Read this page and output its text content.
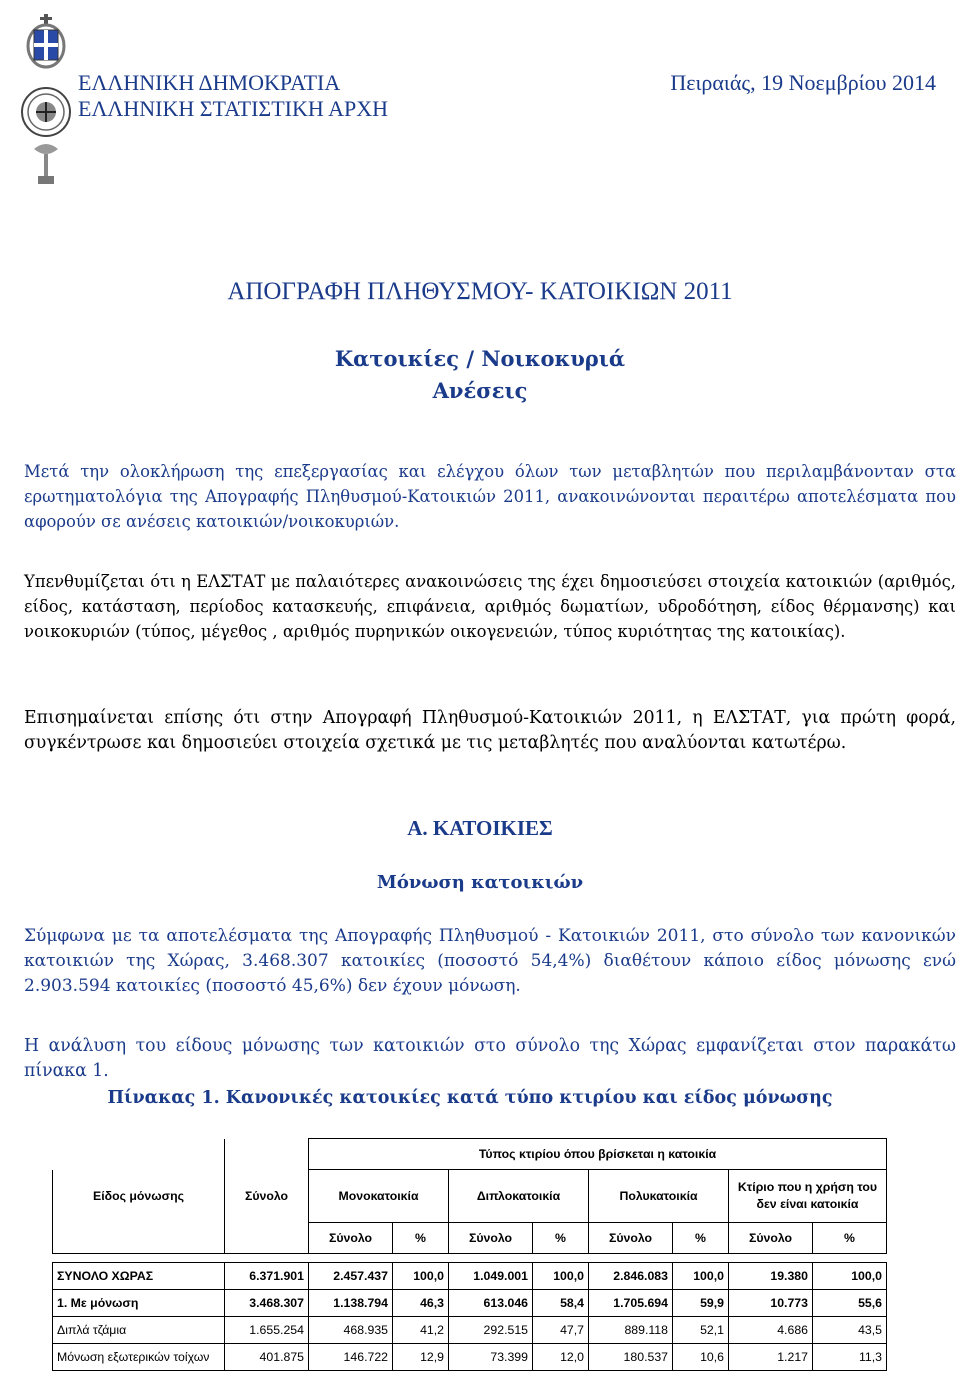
ΕΛΛΗΝΙΚΗ ΔΗΜΟΚΡΑΤΙΑ
ΕΛΛΗΝΙΚΗ ΣΤΑΤΙΣΤΙΚΗ ΑΡΧΗ
Πειραιάς, 19 Νοεμβρίου 2014
ΑΠΟΓΡΑΦΗ ΠΛΗΘΥΣΜΟΥ- ΚΑΤΟΙΚΙΩΝ 2011
Κατοικίες / Νοικοκυριά
Ανέσεις
Μετά την ολοκλήρωση της επεξεργασίας και ελέγχου όλων των μεταβλητών που περιλαμβάνονταν στα ερωτηματολόγια της Απογραφής Πληθυσμού-Κατοικιών 2011, ανακοινώνονται περαιτέρω αποτελέσματα που αφορούν σε ανέσεις κατοικιών/νοικοκυριών.
Υπενθυμίζεται ότι η ΕΛΣΤΑΤ με παλαιότερες ανακοινώσεις της έχει δημοσιεύσει στοιχεία κατοικιών (αριθμός, είδος, κατάσταση, περίοδος κατασκευής, επιφάνεια, αριθμός δωματίων, υδροδότηση, είδος θέρμανσης) και νοικοκυριών (τύπος, μέγεθος , αριθμός πυρηνικών οικογενειών, τύπος κυριότητας της κατοικίας).
Επισημαίνεται επίσης ότι στην Απογραφή Πληθυσμού-Κατοικιών 2011, η ΕΛΣΤΑΤ, για πρώτη φορά, συγκέντρωσε και δημοσιεύει στοιχεία σχετικά με τις μεταβλητές που αναλύονται κατωτέρω.
Α. ΚΑΤΟΙΚΙΕΣ
Μόνωση κατοικιών
Σύμφωνα με τα αποτελέσματα της Απογραφής Πληθυσμού - Κατοικιών 2011, στο σύνολο των κανονικών κατοικιών της Χώρας, 3.468.307 κατοικίες (ποσοστό 54,4%) διαθέτουν κάποιο είδος μόνωσης ενώ 2.903.594 κατοικίες (ποσοστό 45,6%) δεν έχουν μόνωση.
Η ανάλυση του είδους μόνωσης των κατοικιών στο σύνολο της Χώρας εμφανίζεται στον παρακάτω πίνακα 1.
Πίνακας 1. Κανονικές κατοικίες κατά τύπο κτιρίου και είδος μόνωσης
		Τύπος κτιρίου όπου βρίσκεται η κατοικία							
Είδος μόνωσης	Σύνολο	Μονοκατοικία		Διπλοκατοικία		Πολυκατοικία		Κτίριο που η χρήση του δεν είναι κατοικία	
		Σύνολο	%	Σύνολο	%	Σύνολο	%	Σύνολο	%

ΣΥΝΟΛΟ ΧΩΡΑΣ	6.371.901	2.457.437	100,0	1.049.001	100,0	2.846.083	100,0	19.380	100,0
1. Με μόνωση	3.468.307	1.138.794	46,3	613.046	58,4	1.705.694	59,9	10.773	55,6
Διπλά τζάμια	1.655.254	468.935	41,2	292.515	47,7	889.118	52,1	4.686	43,5
Μόνωση εξωτερικών τοίχων	401.875	146.722	12,9	73.399	12,0	180.537	10,6	1.217	11,3
